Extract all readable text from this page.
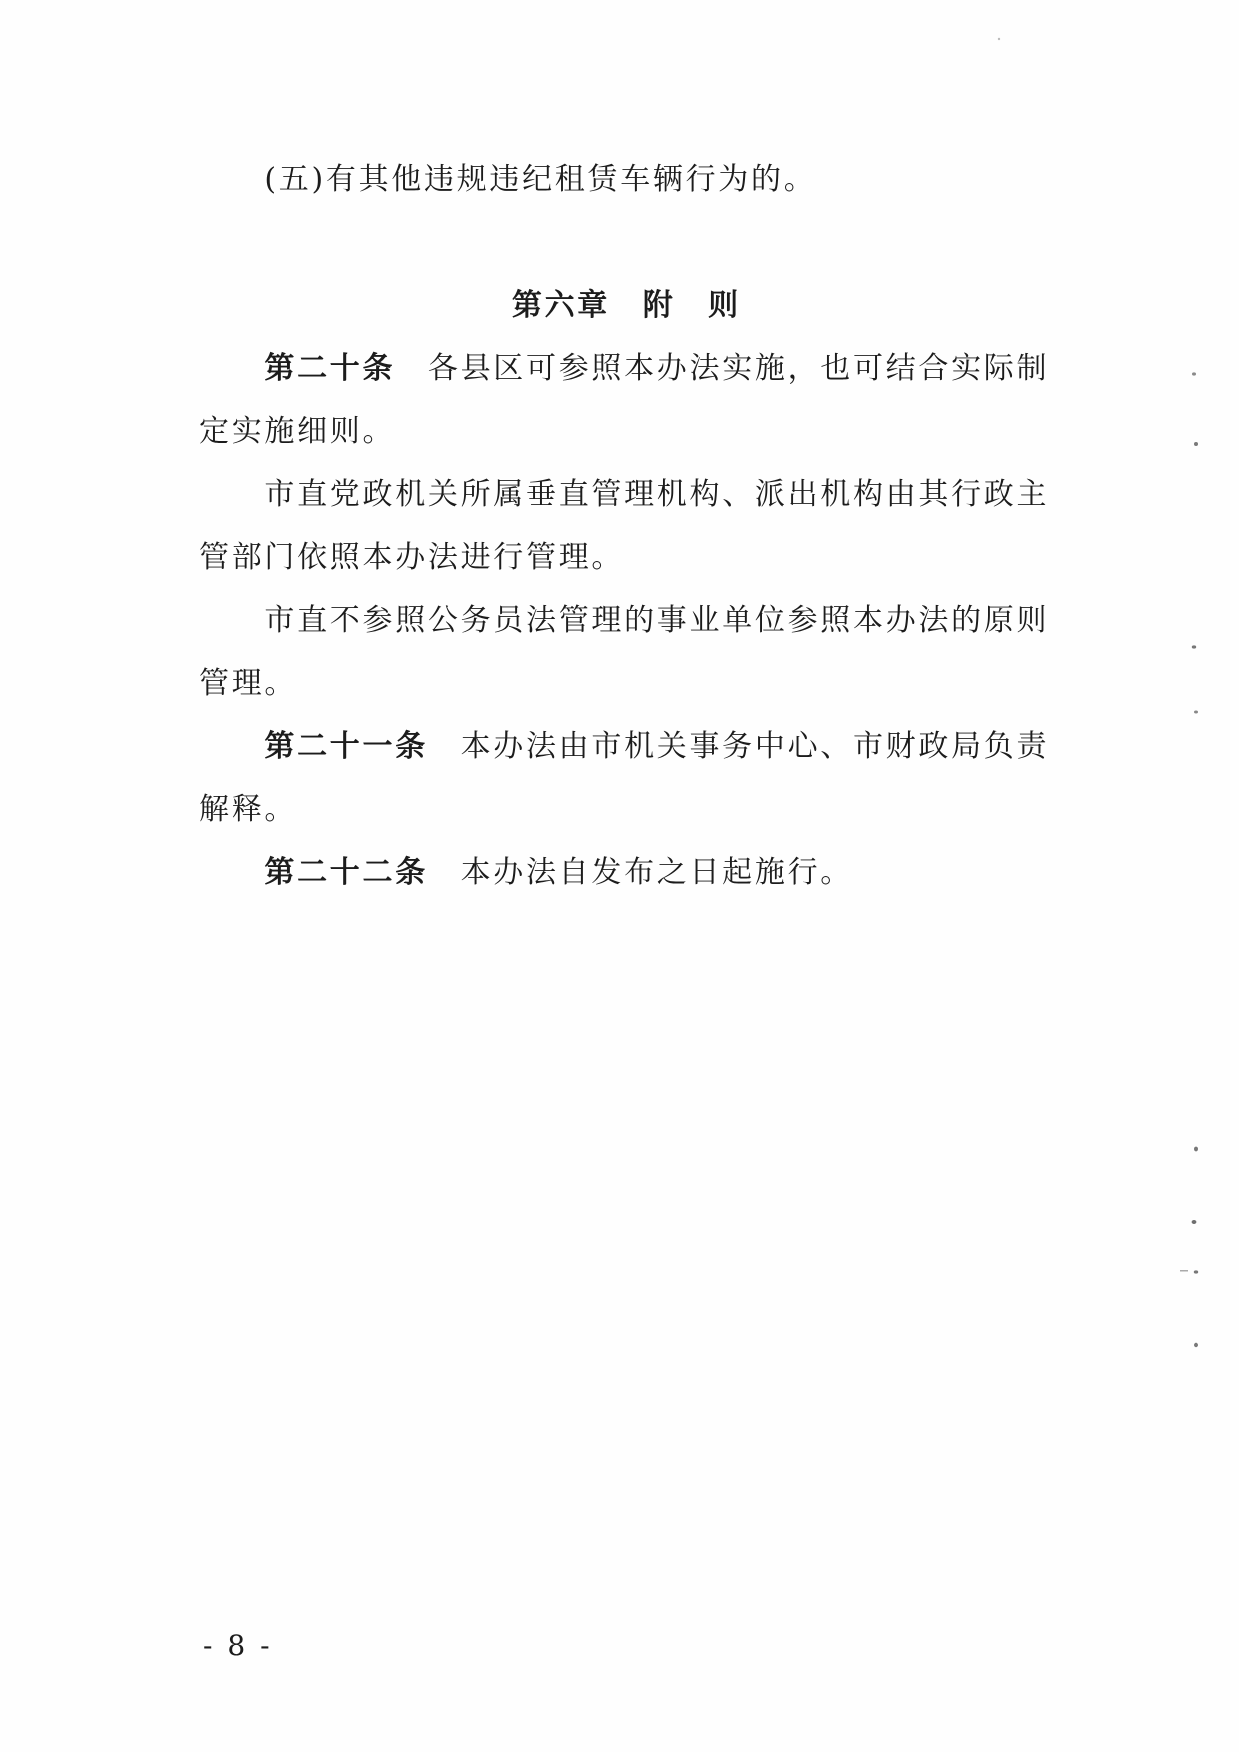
(五)有其他违规违纪租赁车辆行为的。

第六章　附　则

第二十条 各县区可参照本办法实施，也可结合实际制定实施细则。

市直党政机关所属垂直管理机构、派出机构由其行政主管部门依照本办法进行管理。

市直不参照公务员法管理的事业单位参照本办法的原则管理。

第二十一条 本办法由市机关事务中心、市财政局负责解释。

第二十二条 本办法自发布之日起施行。

- 8 -
